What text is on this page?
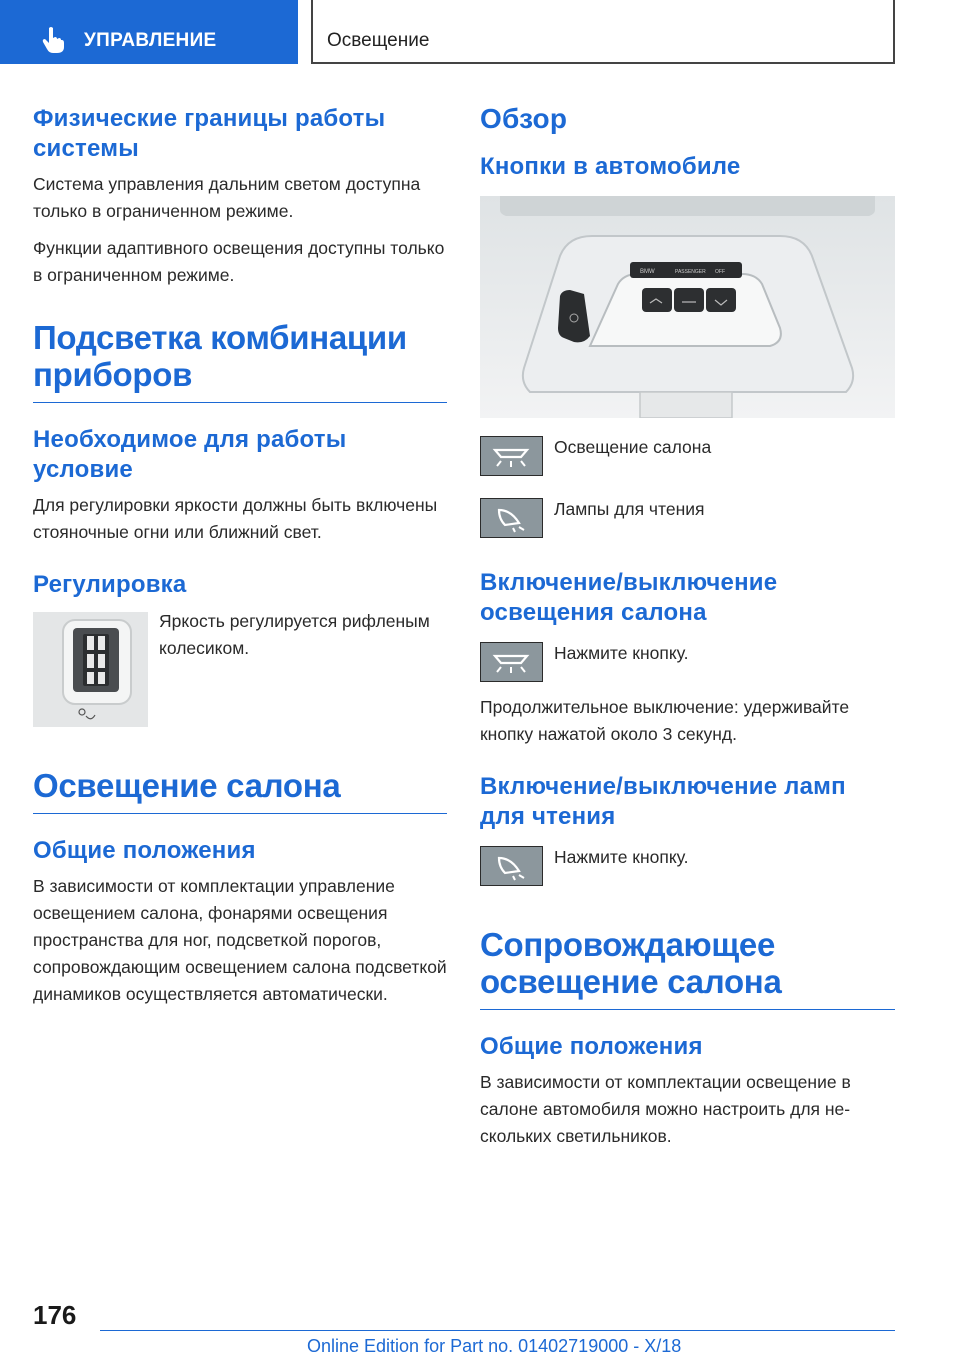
УПРАВЛЕНИЕ	Освещение
Физические границы работы системы
Система управления дальним светом доступна только в ограниченном режиме.
Функции адаптивного освещения доступны только в ограниченном режиме.
Подсветка комбинации приборов
Необходимое для работы условие
Для регулировки яркости должны быть включены стояночные огни или ближний свет.
Регулировка
Яркость регулируется рифленым колесиком.
Освещение салона
Общие положения
В зависимости от комплектации управление освещением салона, фонарями освещения пространства для ног, подсветкой порогов, сопровождающим освещением салона подсветкой динамиков осуществляется автоматически.
Обзор
Кнопки в автомобиле
BMW	PASSENGER OFF
Освещение салона
Лампы для чтения
Включение/выключение освещения салона
Нажмите кнопку.
Продолжительное выключение: удерживайте кнопку нажатой около 3 секунд.
Включение/выключение ламп для чтения
Нажмите кнопку.
Сопровождающее освещение салона
Общие положения
В зависимости от комплектации освещение в салоне автомобиля можно настроить для нескольких светильников.
176
Online Edition for Part no. 01402719000 - X/18
